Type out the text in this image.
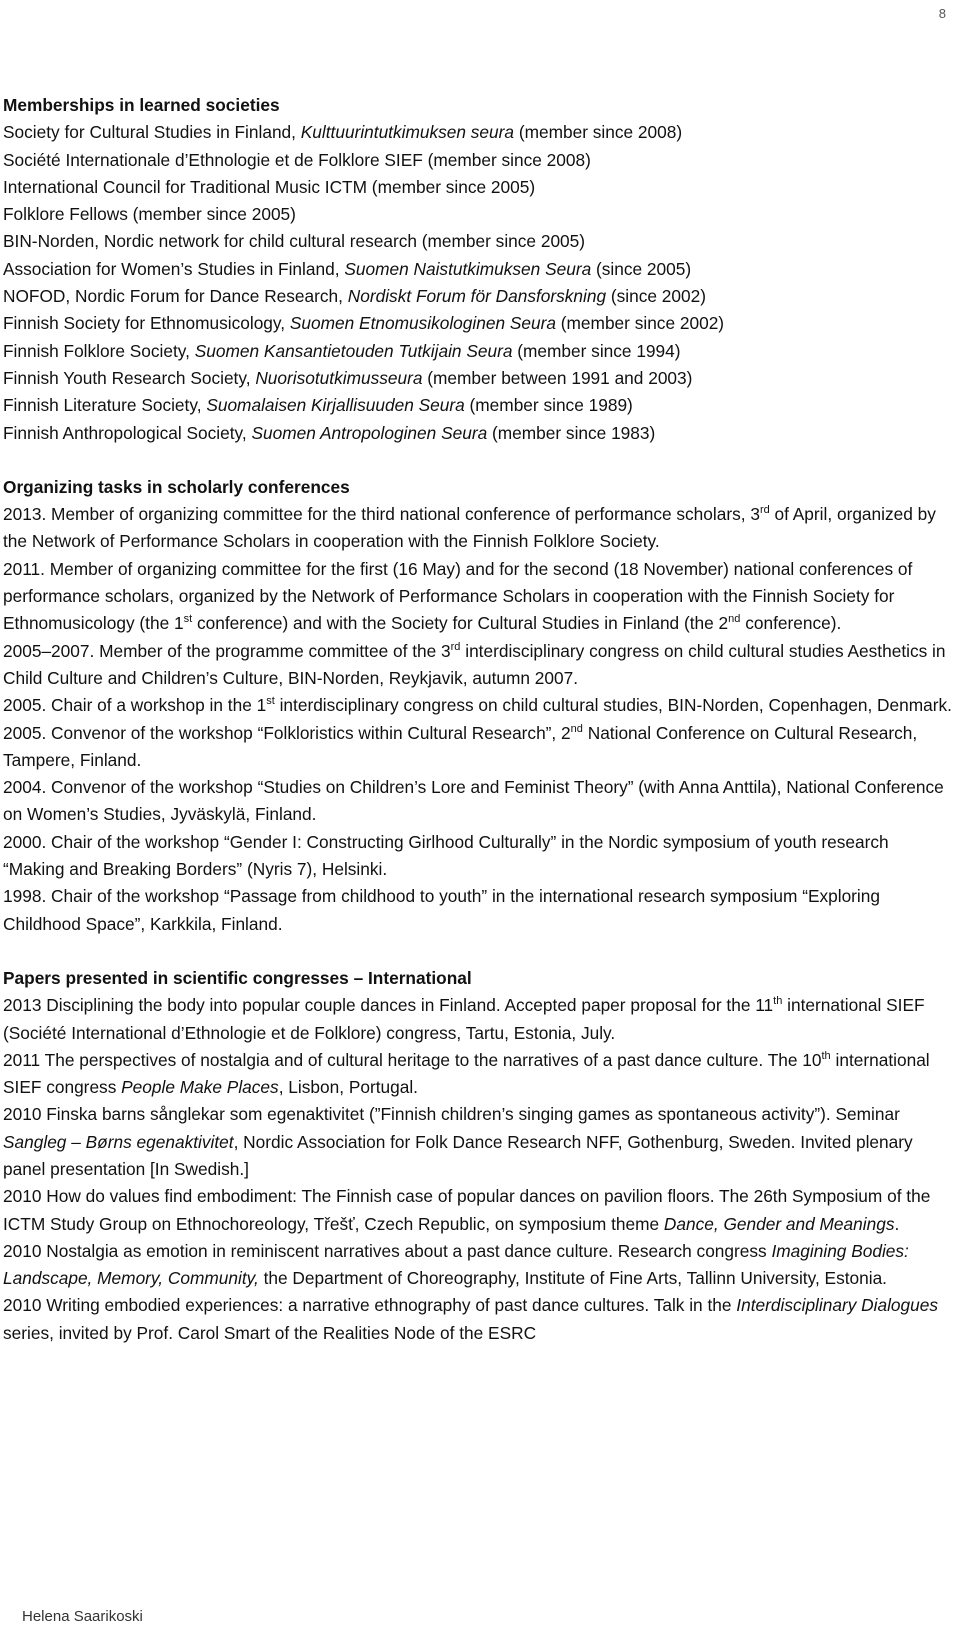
8
Memberships in learned societies

Society for Cultural Studies in Finland, Kulttuurintutkimuksen seura (member since 2008)

Société Internationale d’Ethnologie et de Folklore SIEF (member since 2008)

International Council for Traditional Music ICTM (member since 2005)

Folklore Fellows (member since 2005)

BIN-Norden, Nordic network for child cultural research (member since 2005)

Association for Women’s Studies in Finland, Suomen Naistutkimuksen Seura (since 2005)

NOFOD, Nordic Forum for Dance Research, Nordiskt Forum för Dansforskning (since 2002)

Finnish Society for Ethnomusicology, Suomen Etnomusikologinen Seura (member since 2002)

Finnish Folklore Society, Suomen Kansantietouden Tutkijain Seura (member since 1994)

Finnish Youth Research Society, Nuorisotutkimusseura (member between 1991 and 2003)

Finnish Literature Society, Suomalaisen Kirjallisuuden Seura (member since 1989)

Finnish Anthropological Society, Suomen Antropologinen Seura (member since 1983)

Organizing tasks in scholarly conferences

2013. Member of organizing committee for the third national conference of performance scholars, 3rd of April, organized by the Network of Performance Scholars in cooperation with the Finnish Folklore Society.

2011. Member of organizing committee for the first (16 May) and for the second (18 November) national conferences of performance scholars, organized by the Network of Performance Scholars in cooperation with the Finnish Society for Ethnomusicology (the 1st conference) and with the Society for Cultural Studies in Finland (the 2nd conference).

2005–2007. Member of the programme committee of the 3rd interdisciplinary congress on child cultural studies Aesthetics in Child Culture and Children’s Culture, BIN-Norden, Reykjavik, autumn 2007.

2005. Chair of a workshop in the 1st interdisciplinary congress on child cultural studies, BIN-Norden, Copenhagen, Denmark.

2005. Convenor of the workshop “Folkloristics within Cultural Research”, 2nd National Conference on Cultural Research, Tampere, Finland.

2004. Convenor of the workshop “Studies on Children’s Lore and Feminist Theory” (with Anna Anttila), National Conference on Women’s Studies, Jyväskylä, Finland.

2000. Chair of the workshop “Gender I: Constructing Girlhood Culturally” in the Nordic symposium of youth research “Making and Breaking Borders” (Nyris 7), Helsinki.

1998. Chair of the workshop “Passage from childhood to youth” in the international research symposium “Exploring Childhood Space”, Karkkila, Finland.

Papers presented in scientific congresses – International

2013 Disciplining the body into popular couple dances in Finland. Accepted paper proposal for the 11th international SIEF (Société International d’Ethnologie et de Folklore) congress, Tartu, Estonia, July.

2011 The perspectives of nostalgia and of cultural heritage to the narratives of a past dance culture. The 10th international SIEF congress People Make Places, Lisbon, Portugal.

2010 Finska barns sånglekar som egenaktivitet (”Finnish children’s singing games as spontaneous activity”). Seminar Sangleg – Børns egenaktivitet, Nordic Association for Folk Dance Research NFF, Gothenburg, Sweden. Invited plenary panel presentation [In Swedish.]

2010 How do values find embodiment: The Finnish case of popular dances on pavilion floors. The 26th Symposium of the ICTM Study Group on Ethnochoreology, Třešť, Czech Republic, on symposium theme Dance, Gender and Meanings.

2010 Nostalgia as emotion in reminiscent narratives about a past dance culture. Research congress Imagining Bodies: Landscape, Memory, Community, the Department of Choreography, Institute of Fine Arts, Tallinn University, Estonia.

2010 Writing embodied experiences: a narrative ethnography of past dance cultures. Talk in the Interdisciplinary Dialogues series, invited by Prof. Carol Smart of the Realities Node of the ESRC

Helena Saarikoski
